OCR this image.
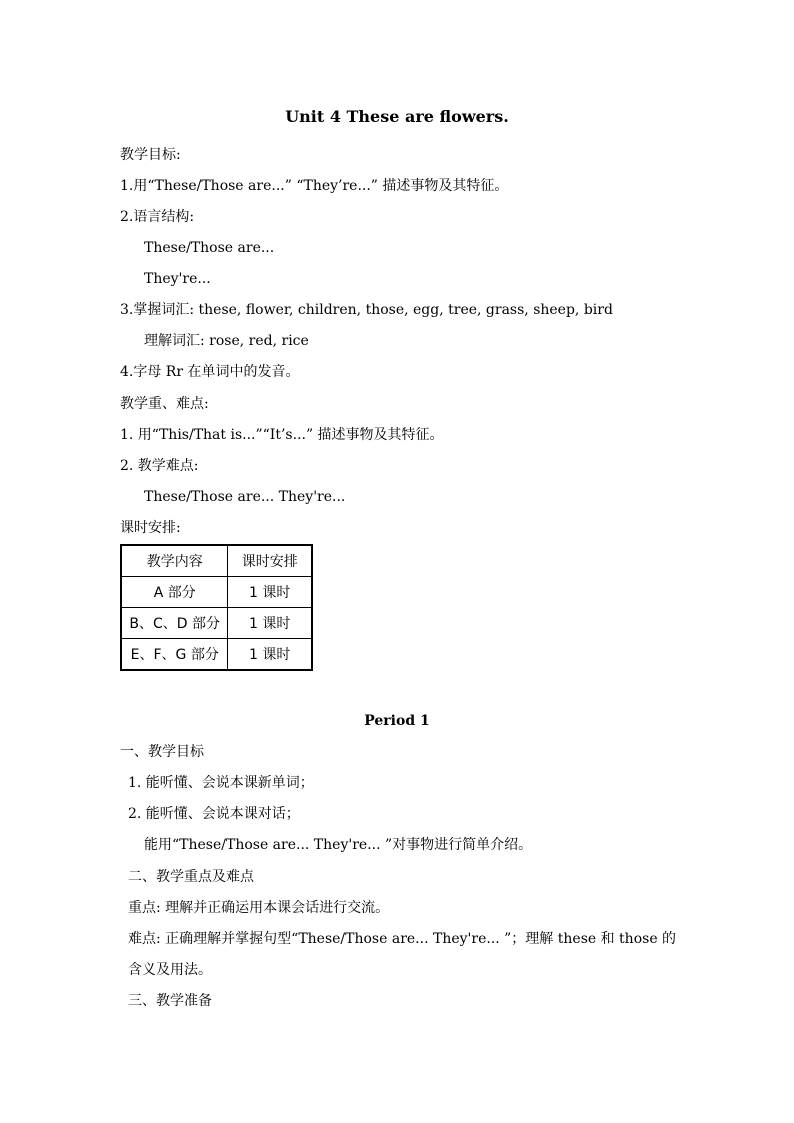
Unit 4 These are flowers.
教学目标:
1.用“These/Those are...” “They’re...” 描述事物及其特征。
2.语言结构:
These/Those are...
They're...
3.掌握词汇: these, flower, children, those, egg, tree, grass, sheep, bird
理解词汇: rose, red, rice
4.字母 Rr 在单词中的发音。
教学重、难点:
1. 用“This/That is...”“It’s...” 描述事物及其特征。
2. 教学难点:
These/Those are... They're...
课时安排:
教学内容	课时安排
A 部分	1 课时
B、C、D 部分	1 课时
E、F、G 部分	1 课时
Period 1
一、教学目标
1. 能听懂、会说本课新单词；
2. 能听懂、会说本课对话；
能用“These/Those are... They're... ”对事物进行简单介绍。
二、教学重点及难点
重点: 理解并正确运用本课会话进行交流。
难点: 正确理解并掌握句型“These/Those are... They're... ”；理解 these 和 those 的
含义及用法。
三、教学准备
